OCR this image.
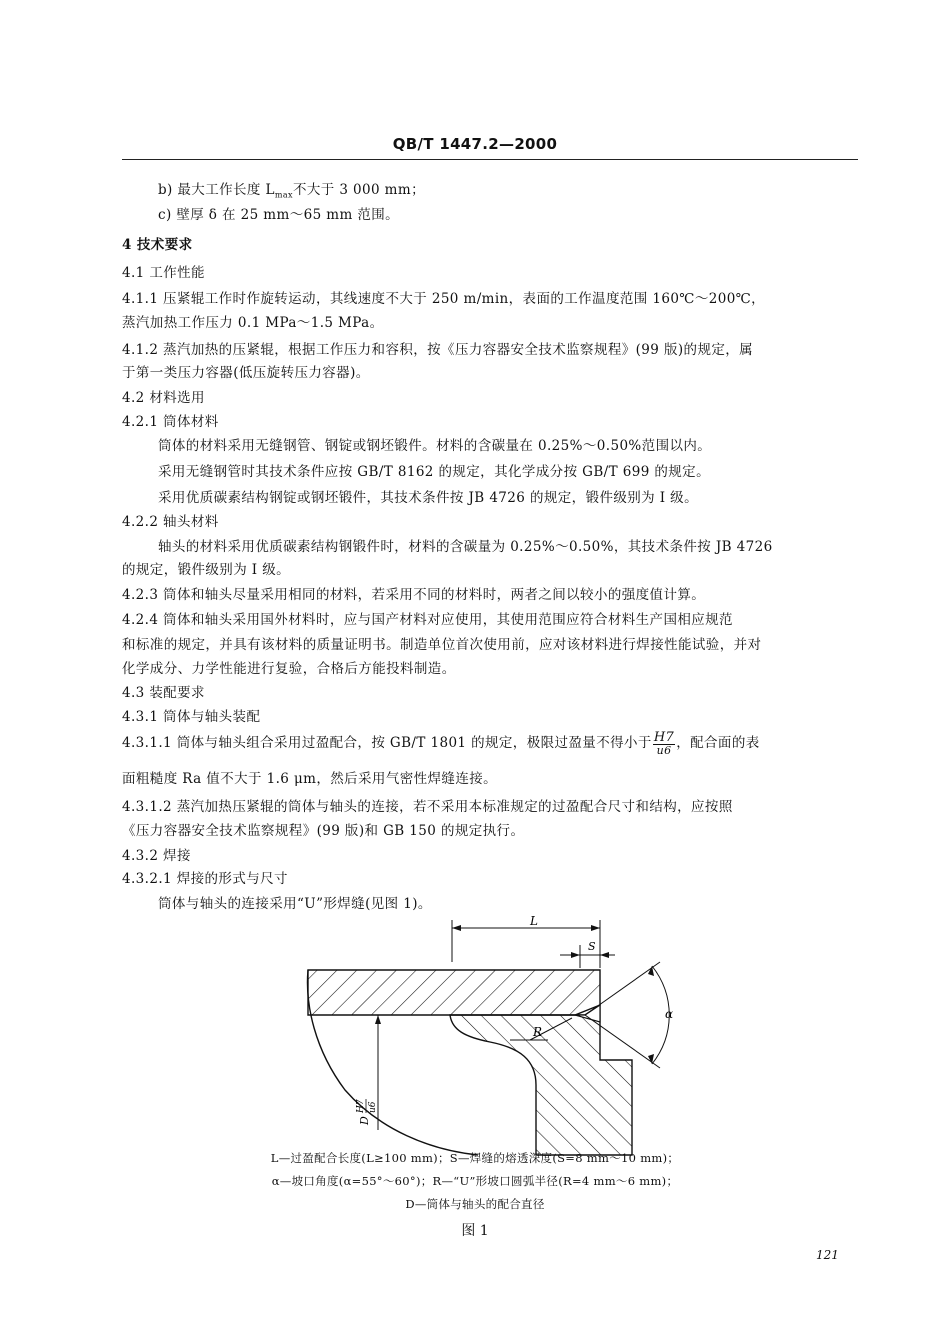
QB/T 1447.2—2000
b) 最大工作长度 $L_{max}$不大于 3 000 mm；
c) 壁厚 δ 在 25 mm～65 mm 范围。
4 技术要求
4.1 工作性能
4.1.1 压紧辊工作时作旋转运动，其线速度不大于 250 m/min，表面的工作温度范围 160℃～200℃，
蒸汽加热工作压力 0.1 MPa～1.5 MPa。
4.1.2 蒸汽加热的压紧辊，根据工作压力和容积，按《压力容器安全技术监察规程》(99 版)的规定，属
于第一类压力容器(低压旋转压力容器)。
4.2 材料选用
4.2.1 筒体材料
筒体的材料采用无缝钢管、钢锭或钢坯锻件。材料的含碳量在 0.25%～0.50%范围以内。
采用无缝钢管时其技术条件应按 GB/T 8162 的规定，其化学成分按 GB/T 699 的规定。
采用优质碳素结构钢锭或钢坯锻件，其技术条件按 JB 4726 的规定，锻件级别为 I 级。
4.2.2 轴头材料
轴头的材料采用优质碳素结构钢锻件时，材料的含碳量为 0.25%～0.50%，其技术条件按 JB 4726
的规定，锻件级别为 I 级。
4.2.3 筒体和轴头尽量采用相同的材料，若采用不同的材料时，两者之间以较小的强度值计算。
4.2.4 筒体和轴头采用国外材料时，应与国产材料对应使用，其使用范围应符合材料生产国相应规范
和标准的规定，并具有该材料的质量证明书。制造单位首次使用前，应对该材料进行焊接性能试验，并对
化学成分、力学性能进行复验，合格后方能投料制造。
4.3 装配要求
4.3.1 筒体与轴头装配
4.3.1.1 筒体与轴头组合采用过盈配合，按 GB/T 1801 的规定，极限过盈量不得小于 $\frac{H7}{u6}$ ，配合面的表
面粗糙度 Ra 值不大于 1.6 μm，然后采用气密性焊缝连接。
4.3.1.2 蒸汽加热压紧辊的筒体与轴头的连接，若不采用本标准规定的过盈配合尺寸和结构，应按照
《压力容器安全技术监察规程》(99 版)和 GB 150 的规定执行。
4.3.2 焊接
4.3.2.1 焊接的形式与尺寸
筒体与轴头的连接采用“U”形焊缝(见图 1)。
L
S
α
R
D
H7 u6
L—过盈配合长度(L≥100 mm)；S—焊缝的熔透深度(S=8 mm～10 mm)；
α—坡口角度(α=55°～60°)；R—“U”形坡口圆弧半径(R=4 mm～6 mm)；
D—筒体与轴头的配合直径
图 1
121
